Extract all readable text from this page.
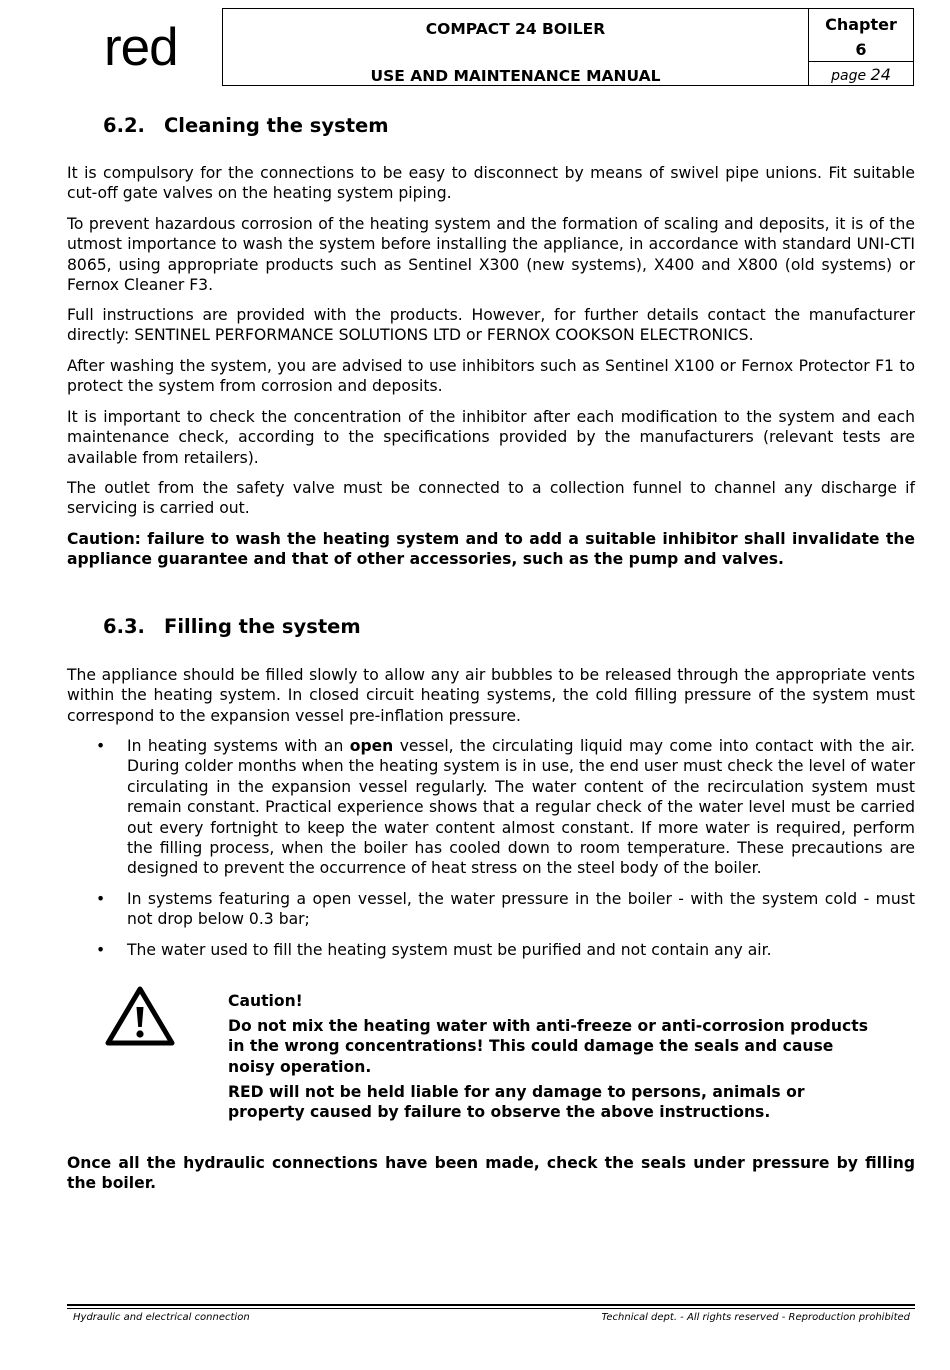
red	COMPACT 24 BOILER
USE AND MAINTENANCE MANUAL
Chapter
6
page 24
6.2. Cleaning the system

It is compulsory for the connections to be easy to disconnect by means of swivel pipe unions. Fit suitable cut-off gate valves on the heating system piping.

To prevent hazardous corrosion of the heating system and the formation of scaling and deposits, it is of the utmost importance to wash the system before installing the appliance, in accordance with standard UNI-CTI 8065, using appropriate products such as Sentinel X300 (new systems), X400 and X800 (old systems) or Fernox Cleaner F3.

Full instructions are provided with the products. However, for further details contact the manufacturer directly: SENTINEL PERFORMANCE SOLUTIONS LTD or FERNOX COOKSON ELECTRONICS.

After washing the system, you are advised to use inhibitors such as Sentinel X100 or Fernox Protector F1 to protect the system from corrosion and deposits.

It is important to check the concentration of the inhibitor after each modification to the system and each maintenance check, according to the specifications provided by the manufacturers (relevant tests are available from retailers).

The outlet from the safety valve must be connected to a collection funnel to channel any discharge if servicing is carried out.

Caution: failure to wash the heating system and to add a suitable inhibitor shall invalidate the appliance guarantee and that of other accessories, such as the pump and valves.

6.3. Filling the system

The appliance should be filled slowly to allow any air bubbles to be released through the appropriate vents within the heating system. In closed circuit heating systems, the cold filling pressure of the system must correspond to the expansion vessel pre-inflation pressure.

• In heating systems with an open vessel, the circulating liquid may come into contact with the air. During colder months when the heating system is in use, the end user must check the level of water circulating in the expansion vessel regularly. The water content of the recirculation system must remain constant. Practical experience shows that a regular check of the water level must be carried out every fortnight to keep the water content almost constant. If more water is required, perform the filling process, when the boiler has cooled down to room temperature. These precautions are designed to prevent the occurrence of heat stress on the steel body of the boiler.
• In systems featuring a open vessel, the water pressure in the boiler - with the system cold - must not drop below 0.3 bar;
• The water used to fill the heating system must be purified and not contain any air.
Caution!
Do not mix the heating water with anti-freeze or anti-corrosion products in the wrong concentrations! This could damage the seals and cause noisy operation.
RED will not be held liable for any damage to persons, animals or property caused by failure to observe the above instructions.

Once all the hydraulic connections have been made, check the seals under pressure by filling the boiler.

Hydraulic and electrical connection	Technical dept. - All rights reserved - Reproduction prohibited
